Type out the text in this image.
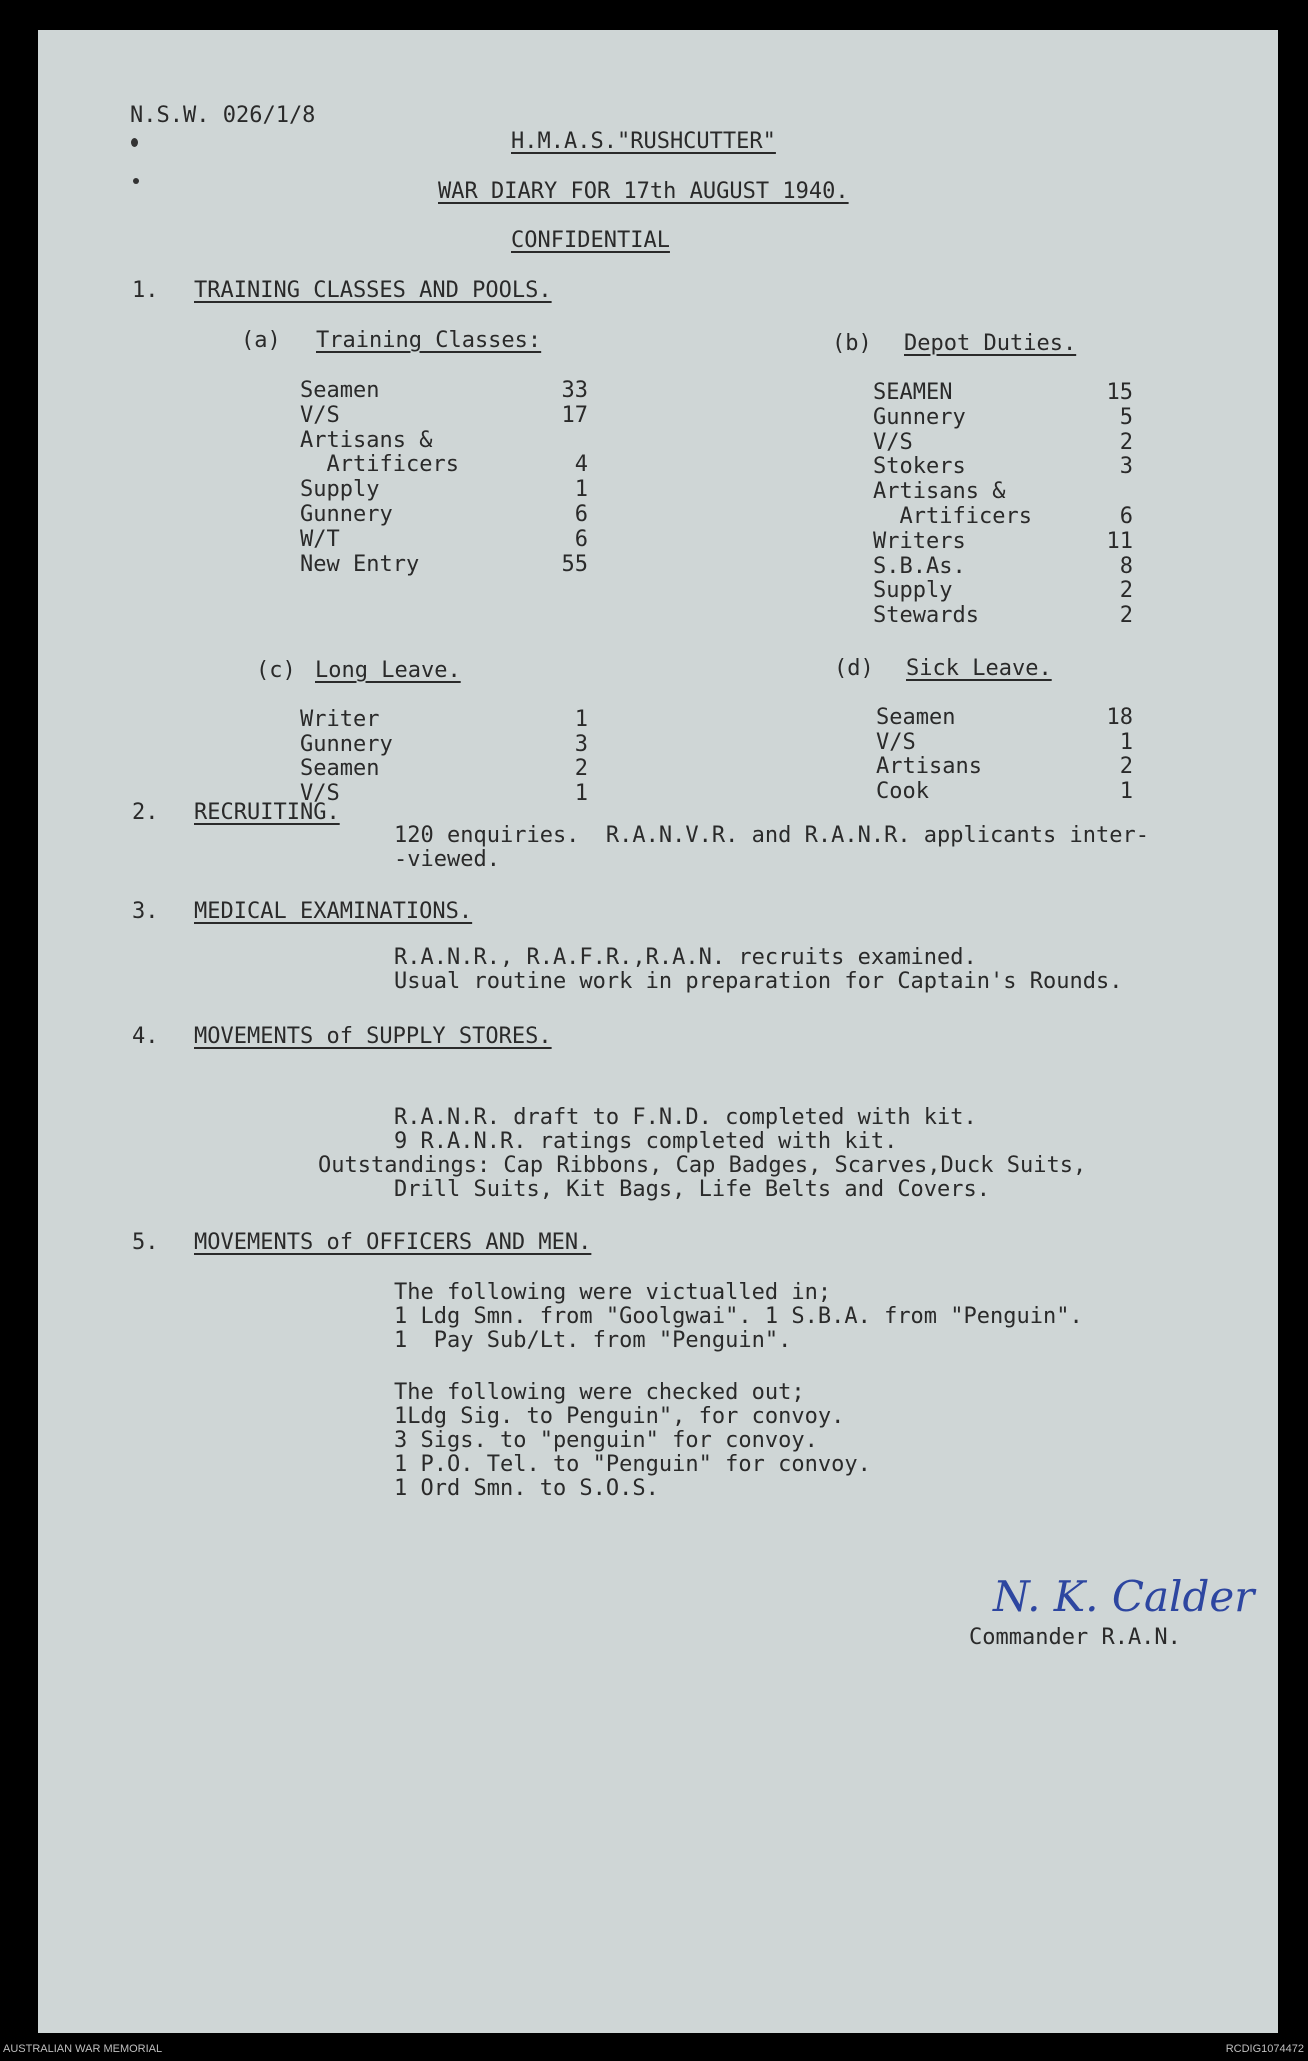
N.S.W. 026/1/8
H.M.A.S."RUSHCUTTER"
WAR DIARY FOR 17th AUGUST 1940.
CONFIDENTIAL
1. TRAINING CLASSES AND POOLS.
(a) Training Classes:	(b) Depot Duties.
Seamen	33
V/S	17
Artisans &
Artificers	4
Supply	1
Gunnery	6
W/T	6
New Entry	55
SEAMEN	15
Gunnery	5
V/S	2
Stokers	3
Artisans &
Artificers	6
Writers	11
S.B.As.	8
Supply	2
Stewards	2
(c) Long Leave.	(d) Sick Leave.
Writer	1
Gunnery	3
Seamen	2
V/S	1
Seamen	18
V/S	1
Artisans	2
Cook	1
2. RECRUITING.
120 enquiries.  R.A.N.V.R. and R.A.N.R. applicants inter-
-viewed.
3. MEDICAL EXAMINATIONS.
R.A.N.R., R.A.F.R.,R.A.N. recruits examined.
Usual routine work in preparation for Captain's Rounds.
4. MOVEMENTS of SUPPLY STORES.
R.A.N.R. draft to F.N.D. completed with kit.
9 R.A.N.R. ratings completed with kit.
Outstandings: Cap Ribbons, Cap Badges, Scarves,Duck Suits,
Drill Suits, Kit Bags, Life Belts and Covers.
5. MOVEMENTS of OFFICERS AND MEN.
The following were victualled in;
1 Ldg Smn. from "Goolgwai". 1 S.B.A. from "Penguin".
1  Pay Sub/Lt. from "Penguin".
The following were checked out;
1Ldg Sig. to Penguin", for convoy.
3 Sigs. to "penguin" for convoy.
1 P.O. Tel. to "Penguin" for convoy.
1 Ord Smn. to S.O.S.
N. K. Calder
Commander R.A.N.
AUSTRALIAN WAR MEMORIAL	RCDIG1074472
